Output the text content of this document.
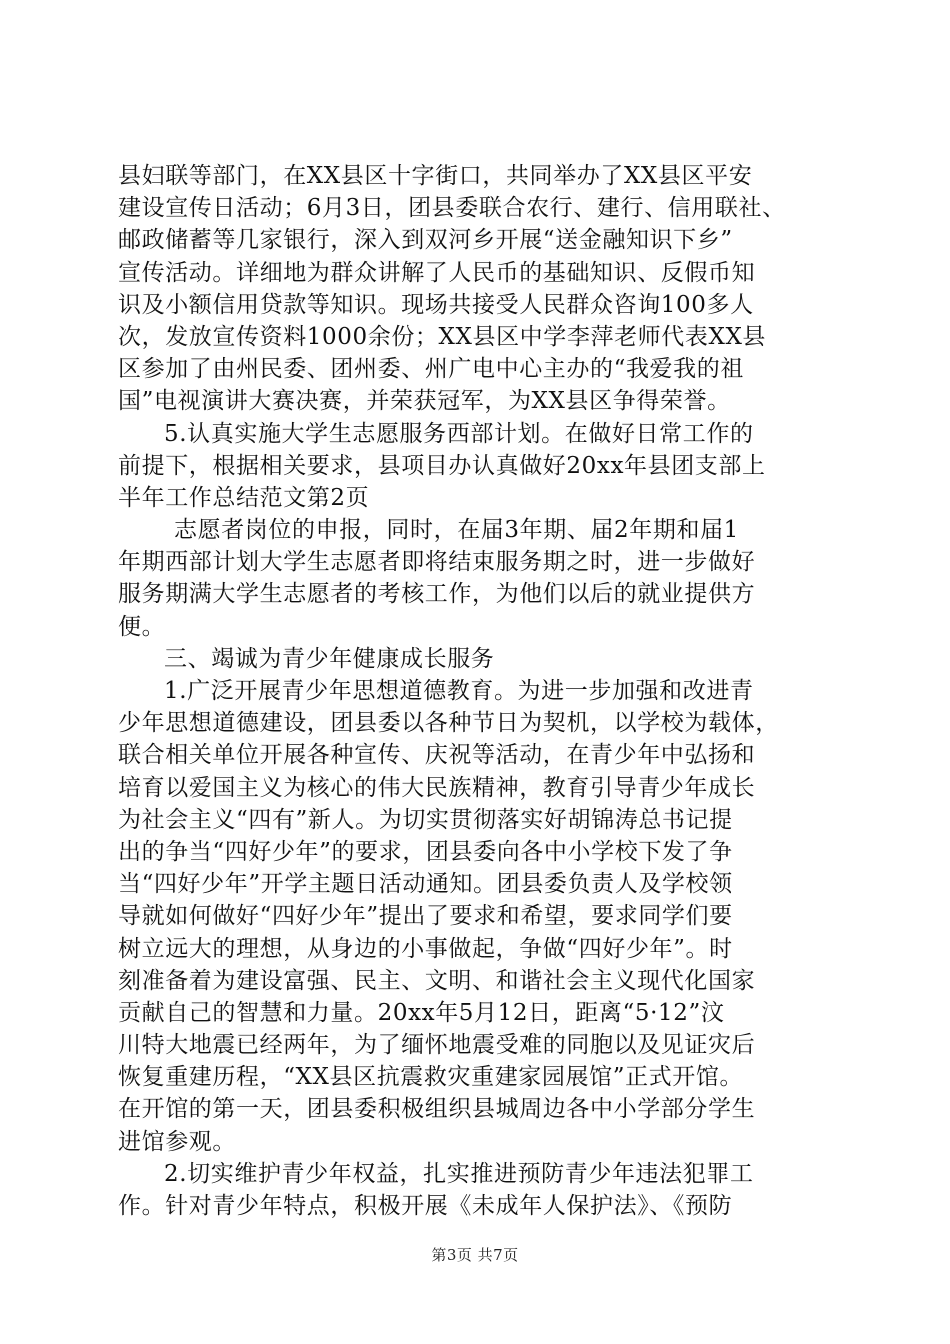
县妇联等部门，在XX县区十字街口，共同举办了XX县区平安
建设宣传日活动；6月3日，团县委联合农行、建行、信用联社、
邮政储蓄等几家银行，深入到双河乡开展“送金融知识下乡”
宣传活动。详细地为群众讲解了人民币的基础知识、反假币知
识及小额信用贷款等知识。现场共接受人民群众咨询100多人
次，发放宣传资料1000余份；XX县区中学李萍老师代表XX县
区参加了由州民委、团州委、州广电中心主办的“我爱我的祖
国”电视演讲大赛决赛，并荣获冠军，为XX县区争得荣誉。
5.认真实施大学生志愿服务西部计划。在做好日常工作的
前提下，根据相关要求，县项目办认真做好20xx年县团支部上
半年工作总结范文第2页
志愿者岗位的申报，同时，在届3年期、届2年期和届1
年期西部计划大学生志愿者即将结束服务期之时，进一步做好
服务期满大学生志愿者的考核工作，为他们以后的就业提供方
便。
三、竭诚为青少年健康成长服务
1.广泛开展青少年思想道德教育。为进一步加强和改进青
少年思想道德建设，团县委以各种节日为契机，以学校为载体，
联合相关单位开展各种宣传、庆祝等活动，在青少年中弘扬和
培育以爱国主义为核心的伟大民族精神，教育引导青少年成长
为社会主义“四有”新人。为切实贯彻落实好胡锦涛总书记提
出的争当“四好少年”的要求，团县委向各中小学校下发了争
当“四好少年”开学主题日活动通知。团县委负责人及学校领
导就如何做好“四好少年”提出了要求和希望，要求同学们要
树立远大的理想，从身边的小事做起，争做“四好少年”。时
刻准备着为建设富强、民主、文明、和谐社会主义现代化国家
贡献自己的智慧和力量。20xx年5月12日，距离“5·12”汶
川特大地震已经两年，为了缅怀地震受难的同胞以及见证灾后
恢复重建历程，“XX县区抗震救灾重建家园展馆”正式开馆。
在开馆的第一天，团县委积极组织县城周边各中小学部分学生
进馆参观。
2.切实维护青少年权益，扎实推进预防青少年违法犯罪工
作。针对青少年特点，积极开展《未成年人保护法》、《预防
第3页 共7页
